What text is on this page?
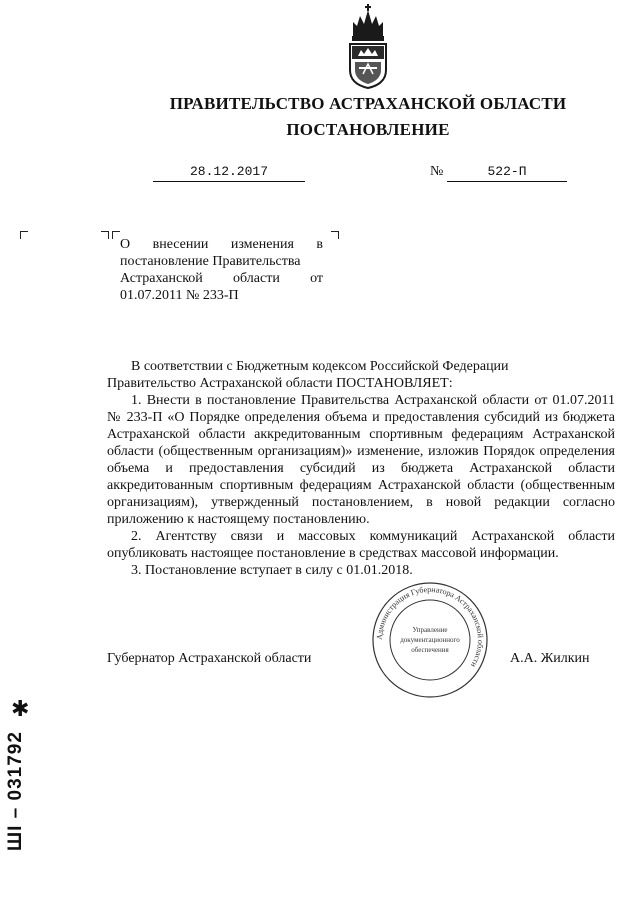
ПРАВИТЕЛЬСТВО АСТРАХАНСКОЙ ОБЛАСТИ
ПОСТАНОВЛЕНИЕ
28.12.2017	№	522-П
О внесении изменения в
постановление Правительства
Астраханской области от
01.07.2011 № 233-П

В соответствии с Бюджетным кодексом Российской Федерации

Правительство Астраханской области ПОСТАНОВЛЯЕТ:

1. Внести в постановление Правительства Астраханской области от 01.07.2011 № 233-П «О Порядке определения объема и предоставления субсидий из бюджета Астраханской области аккредитованным спортивным федерациям Астраханской области (общественным организациям)» изменение, изложив Порядок определения объема и предоставления субсидий из бюджета Астраханской области аккредитованным спортивным федерациям Астраханской области (общественным организациям), утвержденный постановлением, в новой редакции согласно приложению к настоящему постановлению.

2. Агентству связи и массовых коммуникаций Астраханской области опубликовать настоящее постановление в средствах массовой информации.

3. Постановление вступает в силу с 01.01.2018.

Администрация Губернатора Астраханской области
Управление
документационного
обеспечения
Губернатор Астраханской области	А.А. Жилкин
✱
ШI – 031792
